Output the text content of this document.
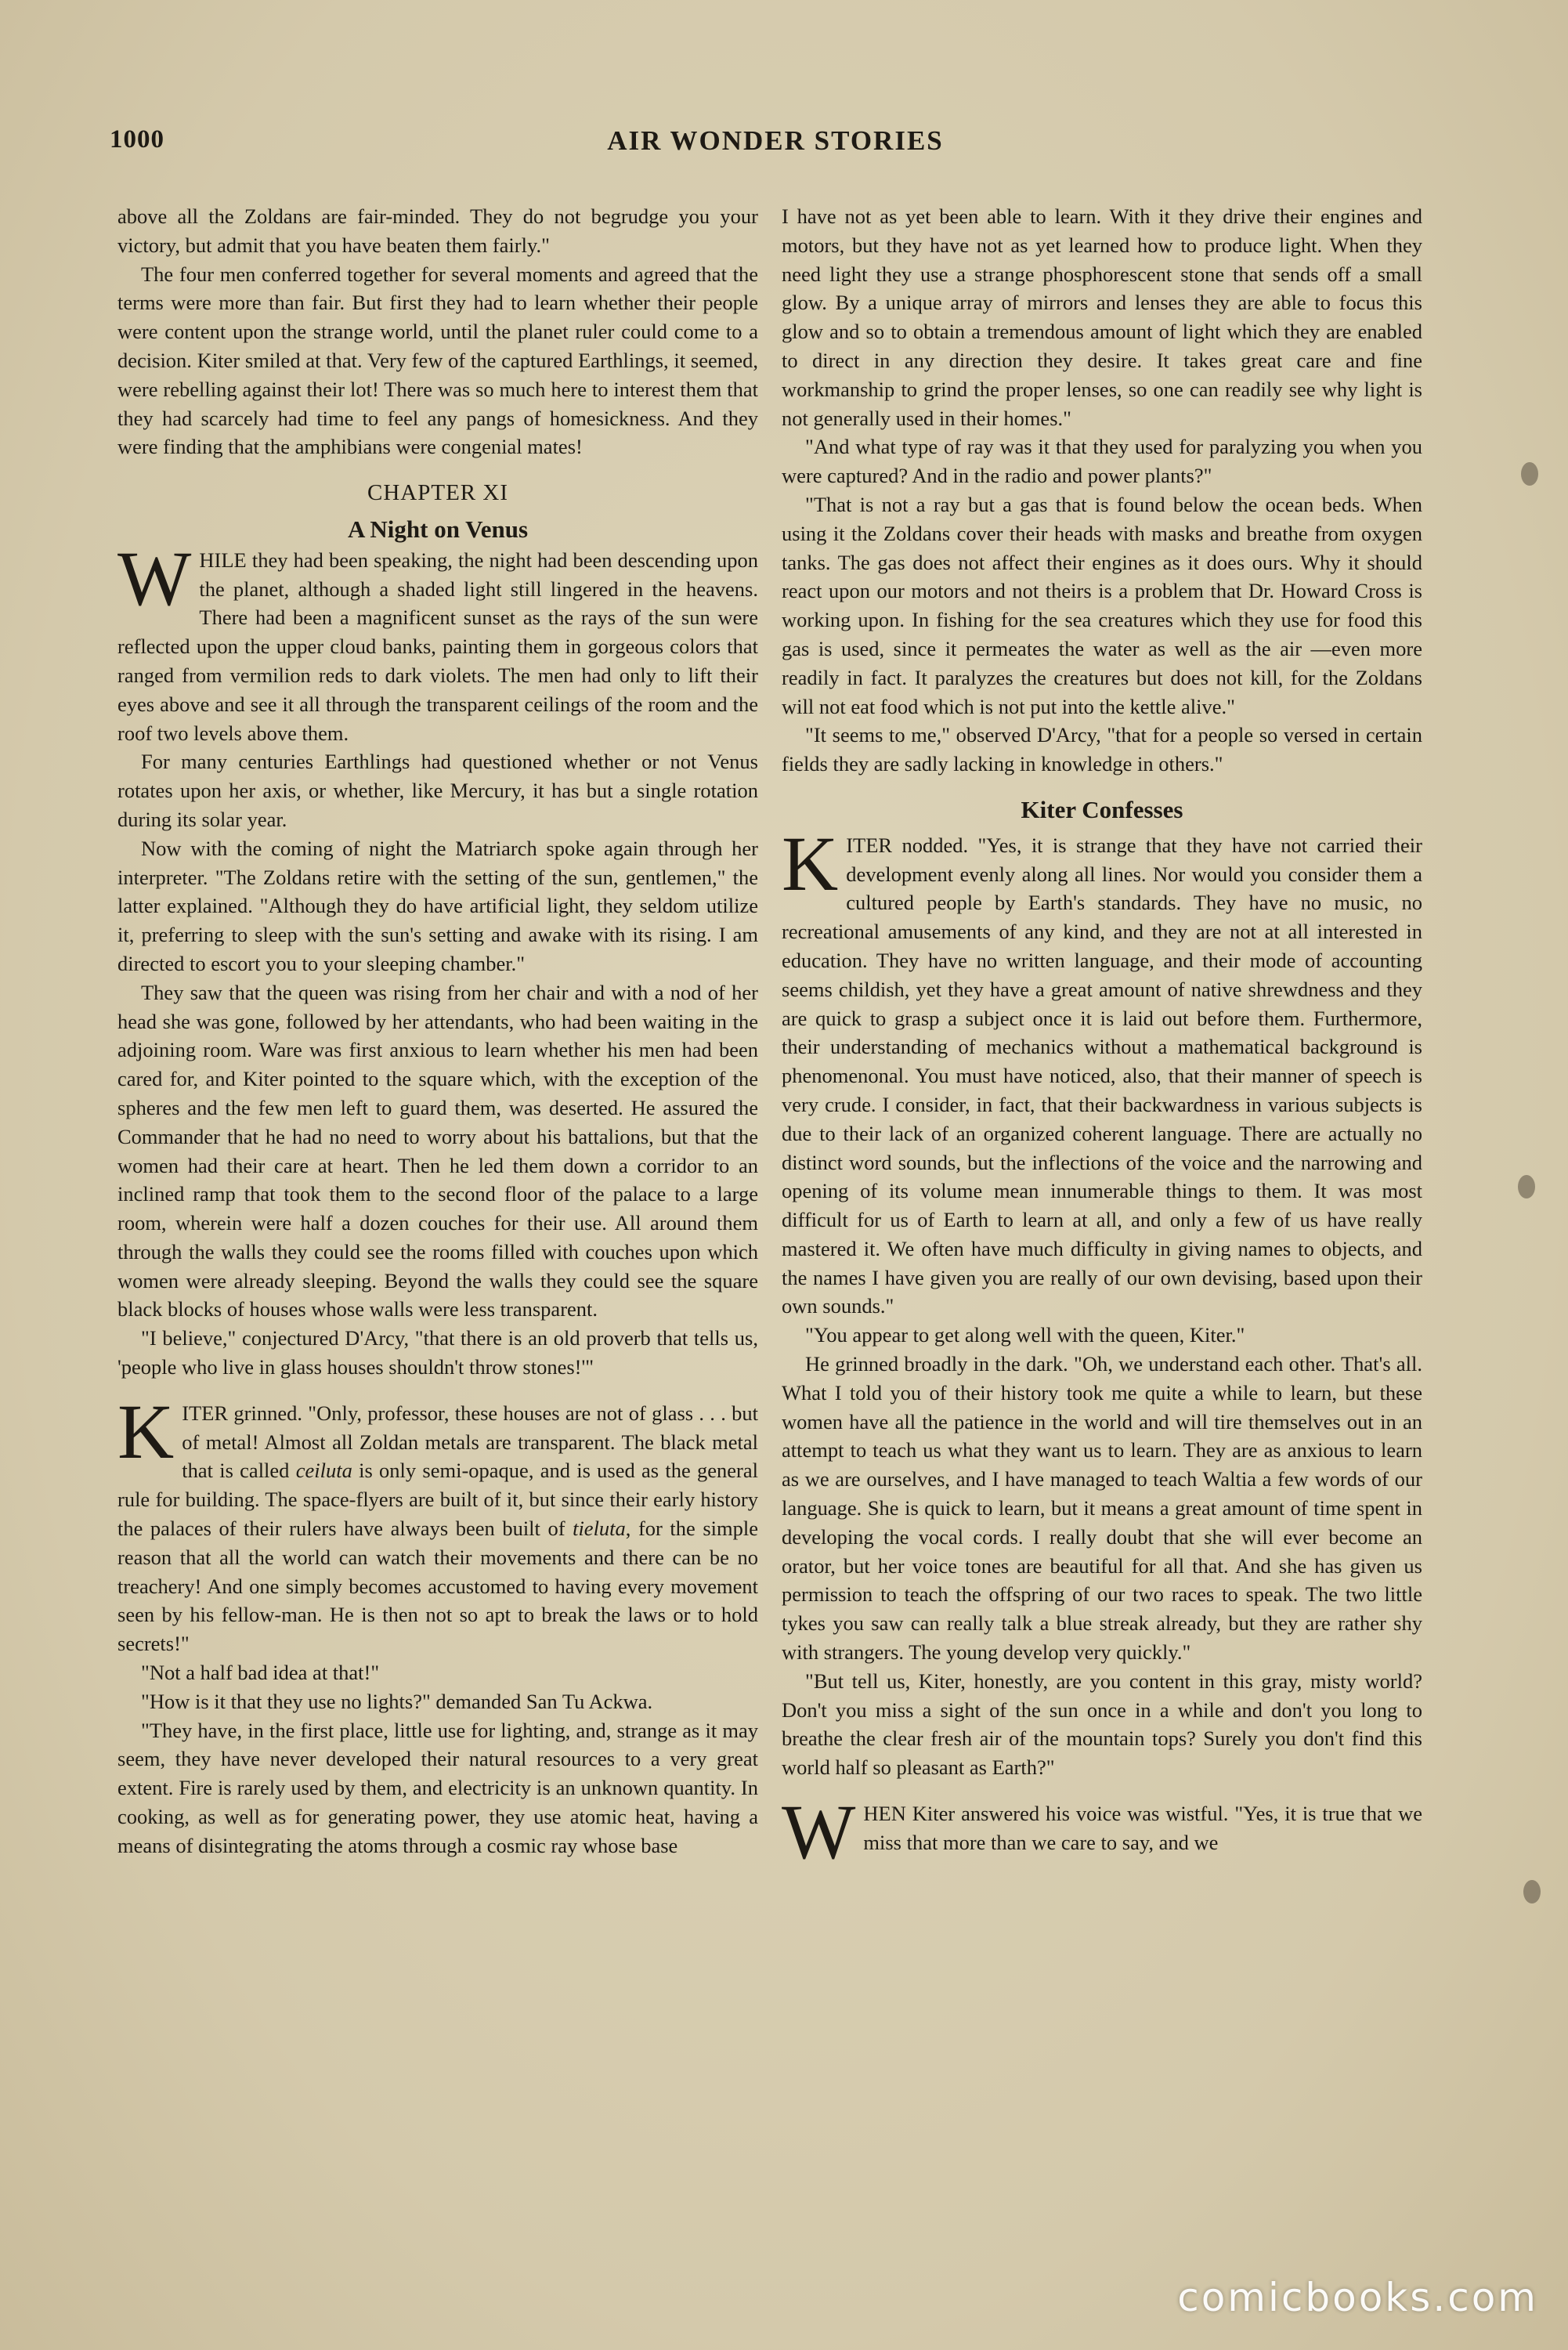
1000	AIR WONDER STORIES

above all the Zoldans are fair-minded. They do not begrudge you your victory, but admit that you have beaten them fairly."

The four men conferred together for several moments and agreed that the terms were more than fair. But first they had to learn whether their people were content upon the strange world, until the planet ruler could come to a decision. Kiter smiled at that. Very few of the captured Earthlings, it seemed, were rebelling against their lot! There was so much here to interest them that they had scarcely had time to feel any pangs of homesickness. And they were finding that the amphibians were congenial mates!

CHAPTER XI
A Night on Venus

WHILE they had been speaking, the night had been descending upon the planet, although a shaded light still lingered in the heavens. There had been a magnificent sunset as the rays of the sun were reflected upon the upper cloud banks, painting them in gorgeous colors that ranged from vermilion reds to dark violets. The men had only to lift their eyes above and see it all through the transparent ceilings of the room and the roof two levels above them.

For many centuries Earthlings had questioned whether or not Venus rotates upon her axis, or whether, like Mercury, it has but a single rotation during its solar year.

Now with the coming of night the Matriarch spoke again through her interpreter. "The Zoldans retire with the setting of the sun, gentlemen," the latter explained. "Although they do have artificial light, they seldom utilize it, preferring to sleep with the sun's setting and awake with its rising. I am directed to escort you to your sleeping chamber."

They saw that the queen was rising from her chair and with a nod of her head she was gone, followed by her attendants, who had been waiting in the adjoining room. Ware was first anxious to learn whether his men had been cared for, and Kiter pointed to the square which, with the exception of the spheres and the few men left to guard them, was deserted. He assured the Commander that he had no need to worry about his battalions, but that the women had their care at heart. Then he led them down a corridor to an inclined ramp that took them to the second floor of the palace to a large room, wherein were half a dozen couches for their use. All around them through the walls they could see the rooms filled with couches upon which women were already sleeping. Beyond the walls they could see the square black blocks of houses whose walls were less transparent.

"I believe," conjectured D'Arcy, "that there is an old proverb that tells us, 'people who live in glass houses shouldn't throw stones!'"

KITER grinned. "Only, professor, these houses are not of glass . . . but of metal! Almost all Zoldan metals are transparent. The black metal that is called ceiluta is only semi-opaque, and is used as the general rule for building. The space-flyers are built of it, but since their early history the palaces of their rulers have always been built of tieluta, for the simple reason that all the world can watch their movements and there can be no treachery! And one simply becomes accustomed to having every movement seen by his fellow-man. He is then not so apt to break the laws or to hold secrets!"

"Not a half bad idea at that!"

"How is it that they use no lights?" demanded San Tu Ackwa.

"They have, in the first place, little use for lighting, and, strange as it may seem, they have never developed their natural resources to a very great extent. Fire is rarely used by them, and electricity is an unknown quantity. In cooking, as well as for generating power, they use atomic heat, having a means of disintegrating the atoms through a cosmic ray whose base

I have not as yet been able to learn. With it they drive their engines and motors, but they have not as yet learned how to produce light. When they need light they use a strange phosphorescent stone that sends off a small glow. By a unique array of mirrors and lenses they are able to focus this glow and so to obtain a tremendous amount of light which they are enabled to direct in any direction they desire. It takes great care and fine workmanship to grind the proper lenses, so one can readily see why light is not generally used in their homes."

"And what type of ray was it that they used for paralyzing you when you were captured? And in the radio and power plants?"

"That is not a ray but a gas that is found below the ocean beds. When using it the Zoldans cover their heads with masks and breathe from oxygen tanks. The gas does not affect their engines as it does ours. Why it should react upon our motors and not theirs is a problem that Dr. Howard Cross is working upon. In fishing for the sea creatures which they use for food this gas is used, since it permeates the water as well as the air —even more readily in fact. It paralyzes the creatures but does not kill, for the Zoldans will not eat food which is not put into the kettle alive."

"It seems to me," observed D'Arcy, "that for a people so versed in certain fields they are sadly lacking in knowledge in others."

Kiter Confesses

KITER nodded. "Yes, it is strange that they have not carried their development evenly along all lines. Nor would you consider them a cultured people by Earth's standards. They have no music, no recreational amusements of any kind, and they are not at all interested in education. They have no written language, and their mode of accounting seems childish, yet they have a great amount of native shrewdness and they are quick to grasp a subject once it is laid out before them. Furthermore, their understanding of mechanics without a mathematical background is phenomenonal. You must have noticed, also, that their manner of speech is very crude. I consider, in fact, that their backwardness in various subjects is due to their lack of an organized coherent language. There are actually no distinct word sounds, but the inflections of the voice and the narrowing and opening of its volume mean innumerable things to them. It was most difficult for us of Earth to learn at all, and only a few of us have really mastered it. We often have much difficulty in giving names to objects, and the names I have given you are really of our own devising, based upon their own sounds."

"You appear to get along well with the queen, Kiter."

He grinned broadly in the dark. "Oh, we understand each other. That's all. What I told you of their history took me quite a while to learn, but these women have all the patience in the world and will tire themselves out in an attempt to teach us what they want us to learn. They are as anxious to learn as we are ourselves, and I have managed to teach Waltia a few words of our language. She is quick to learn, but it means a great amount of time spent in developing the vocal cords. I really doubt that she will ever become an orator, but her voice tones are beautiful for all that. And she has given us permission to teach the offspring of our two races to speak. The two little tykes you saw can really talk a blue streak already, but they are rather shy with strangers. The young develop very quickly."

"But tell us, Kiter, honestly, are you content in this gray, misty world? Don't you miss a sight of the sun once in a while and don't you long to breathe the clear fresh air of the mountain tops? Surely you don't find this world half so pleasant as Earth?"

WHEN Kiter answered his voice was wistful. "Yes, it is true that we miss that more than we care to say, and we

comicbooks.com
